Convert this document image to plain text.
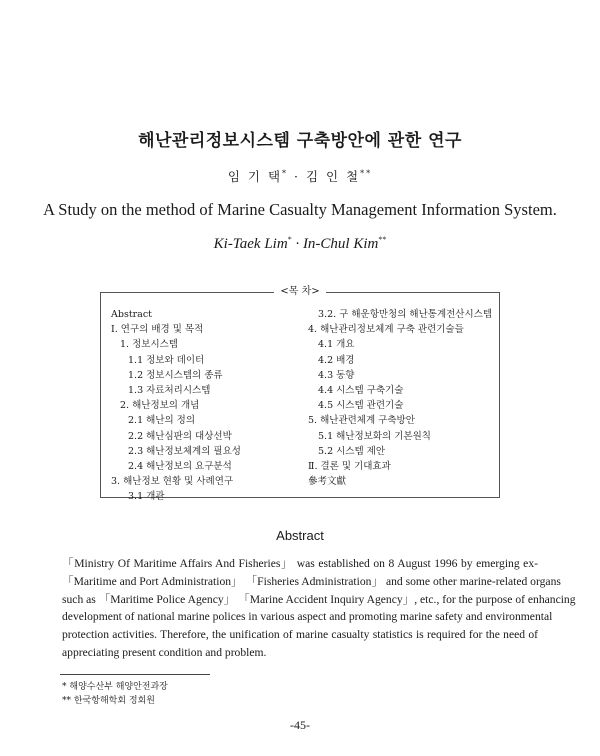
해난관리정보시스템 구축방안에 관한 연구
임 기 택* · 김 인 철**
A Study on the method of Marine Casualty Management Information System.
Ki-Taek Lim* · In-Chul Kim**
<목 차>
Abstract
Ⅰ. 연구의 배경 및 목적
1. 정보시스템
1.1 정보와 데이터
1.2 정보시스템의 종류
1.3 자료처리시스템
2. 해난정보의 개념
2.1 해난의 정의
2.2 해난심판의 대상선박
2.3 해난정보체계의 필요성
2.4 해난정보의 요구분석
3. 해난정보 현황 및 사례연구
3.1 개관
3.2. 구 해운항만청의 해난통계전산시스템
4. 해난관리정보체계 구축 관련기술들
4.1 개요
4.2 배경
4.3 동향
4.4 시스템 구축기술
4.5 시스템 관련기술
5. 해난관련체계 구축방안
5.1 해난정보화의 기본원칙
5.2 시스템 제안
Ⅱ. 결론 및 기대효과
參考文獻
Abstract
「Ministry Of Maritime Affairs And Fisheries」 was established on 8 August 1996 by emerging ex-
「Maritime and Port Administration」 「Fisheries Administration」 and some other marine-related organs
such as 「Maritime Police Agency」 「Marine Accident Inquiry Agency」, etc., for the purpose of enhancing
development of national marine polices in various aspect and promoting marine safety and environmental
protection activities. Therefore, the unification of marine casualty statistics is required for the need of
appreciating present condition and problem.
* 해양수산부 해양안전과장
** 한국항해학회 정회원
-45-
